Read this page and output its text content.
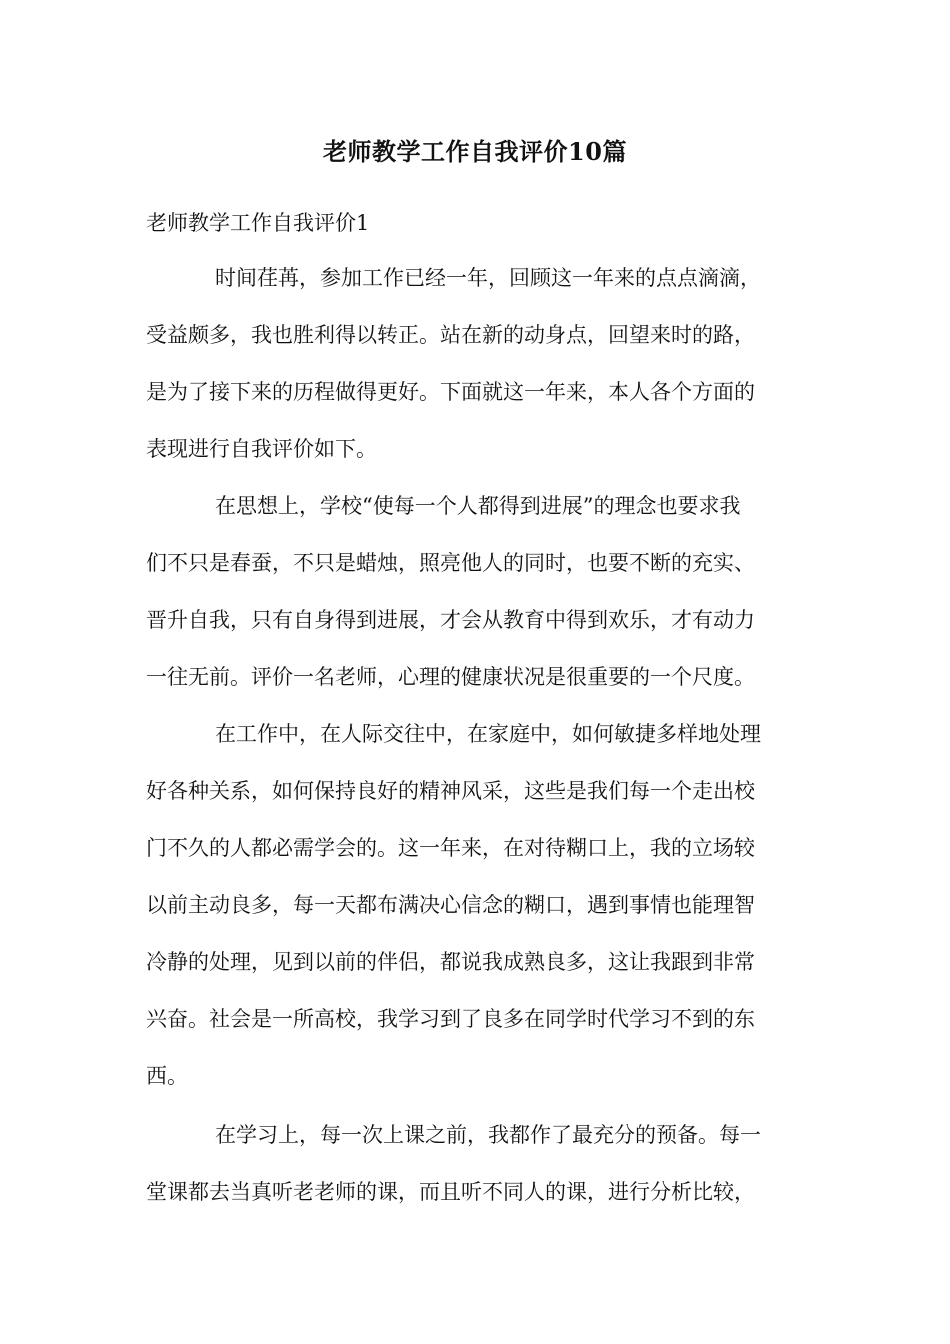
老师教学工作自我评价10篇
老师教学工作自我评价1
时间荏苒，参加工作已经一年，回顾这一年来的点点滴滴，
受益颇多，我也胜利得以转正。站在新的动身点，回望来时的路，
是为了接下来的历程做得更好。下面就这一年来，本人各个方面的
表现进行自我评价如下。
在思想上，学校“使每一个人都得到进展”的理念也要求我
们不只是春蚕，不只是蜡烛，照亮他人的同时，也要不断的充实、
晋升自我，只有自身得到进展，才会从教育中得到欢乐，才有动力
一往无前。评价一名老师，心理的健康状况是很重要的一个尺度。
在工作中，在人际交往中，在家庭中，如何敏捷多样地处理
好各种关系，如何保持良好的精神风采，这些是我们每一个走出校
门不久的人都必需学会的。这一年来，在对待糊口上，我的立场较
以前主动良多，每一天都布满决心信念的糊口，遇到事情也能理智
冷静的处理，见到以前的伴侣，都说我成熟良多，这让我跟到非常
兴奋。社会是一所高校，我学习到了良多在同学时代学习不到的东
西。
在学习上，每一次上课之前，我都作了最充分的预备。每一
堂课都去当真听老老师的课，而且听不同人的课，进行分析比较，
